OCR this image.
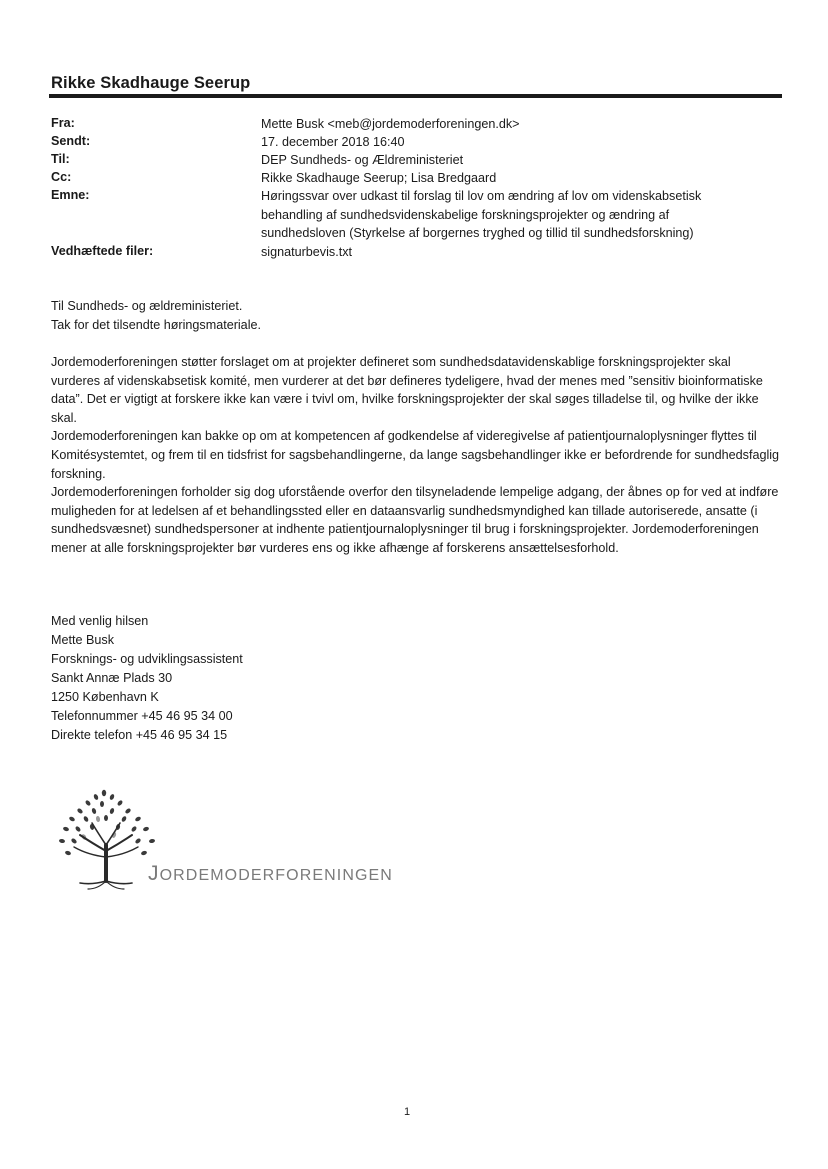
Rikke Skadhauge Seerup
Fra:	Mette Busk <meb@jordemoderforeningen.dk>
Sendt:	17. december 2018 16:40
Til:	DEP Sundheds- og Ældreministeriet
Cc:	Rikke Skadhauge Seerup; Lisa Bredgaard
Emne:	Høringssvar over udkast til forslag til lov om ændring af lov om videnskabsetisk behandling af sundhedsvidenskabelige forskningsprojekter og ændring af sundhedsloven (Styrkelse af borgernes tryghed og tillid til sundhedsforskning)
Vedhæftede filer:	signaturbevis.txt
Til Sundheds- og ældreministeriet.
Tak for det tilsendte høringsmateriale.

Jordemoderforeningen støtter forslaget om at projekter defineret som sundhedsdatavidenskablige forskningsprojekter skal vurderes af videnskabsetisk komité, men vurderer at det bør defineres tydeligere, hvad der menes med ”sensitiv bioinformatiske data”. Det er vigtigt at forskere ikke kan være i tvivl om, hvilke forskningsprojekter der skal søges tilladelse til, og hvilke der ikke skal.

Jordemoderforeningen kan bakke op om at kompetencen af godkendelse af videregivelse af patientjournaloplysninger flyttes til Komitésystemtet, og frem til en tidsfrist for sagsbehandlingerne, da lange sagsbehandlinger ikke er befordrende for sundhedsfaglig forskning.

Jordemoderforeningen forholder sig dog uforstående overfor den tilsyneladende lempelige adgang, der åbnes op for ved at indføre muligheden for at ledelsen af et behandlingssted eller en dataansvarlig sundhedsmyndighed kan tillade autoriserede, ansatte (i sundhedsvæsnet) sundhedspersoner at indhente patientjournaloplysninger til brug i forskningsprojekter. Jordemoderforeningen mener at alle forskningsprojekter bør vurderes ens og ikke afhænge af forskerens ansættelsesforhold.

Med venlig hilsen
Mette Busk
Forsknings- og udviklingsassistent
Sankt Annæ Plads 30
1250 København K
Telefonnummer +45 46 95 34 00
Direkte telefon +45 46 95 34 15
JORDEMODERFORENINGEN
1
